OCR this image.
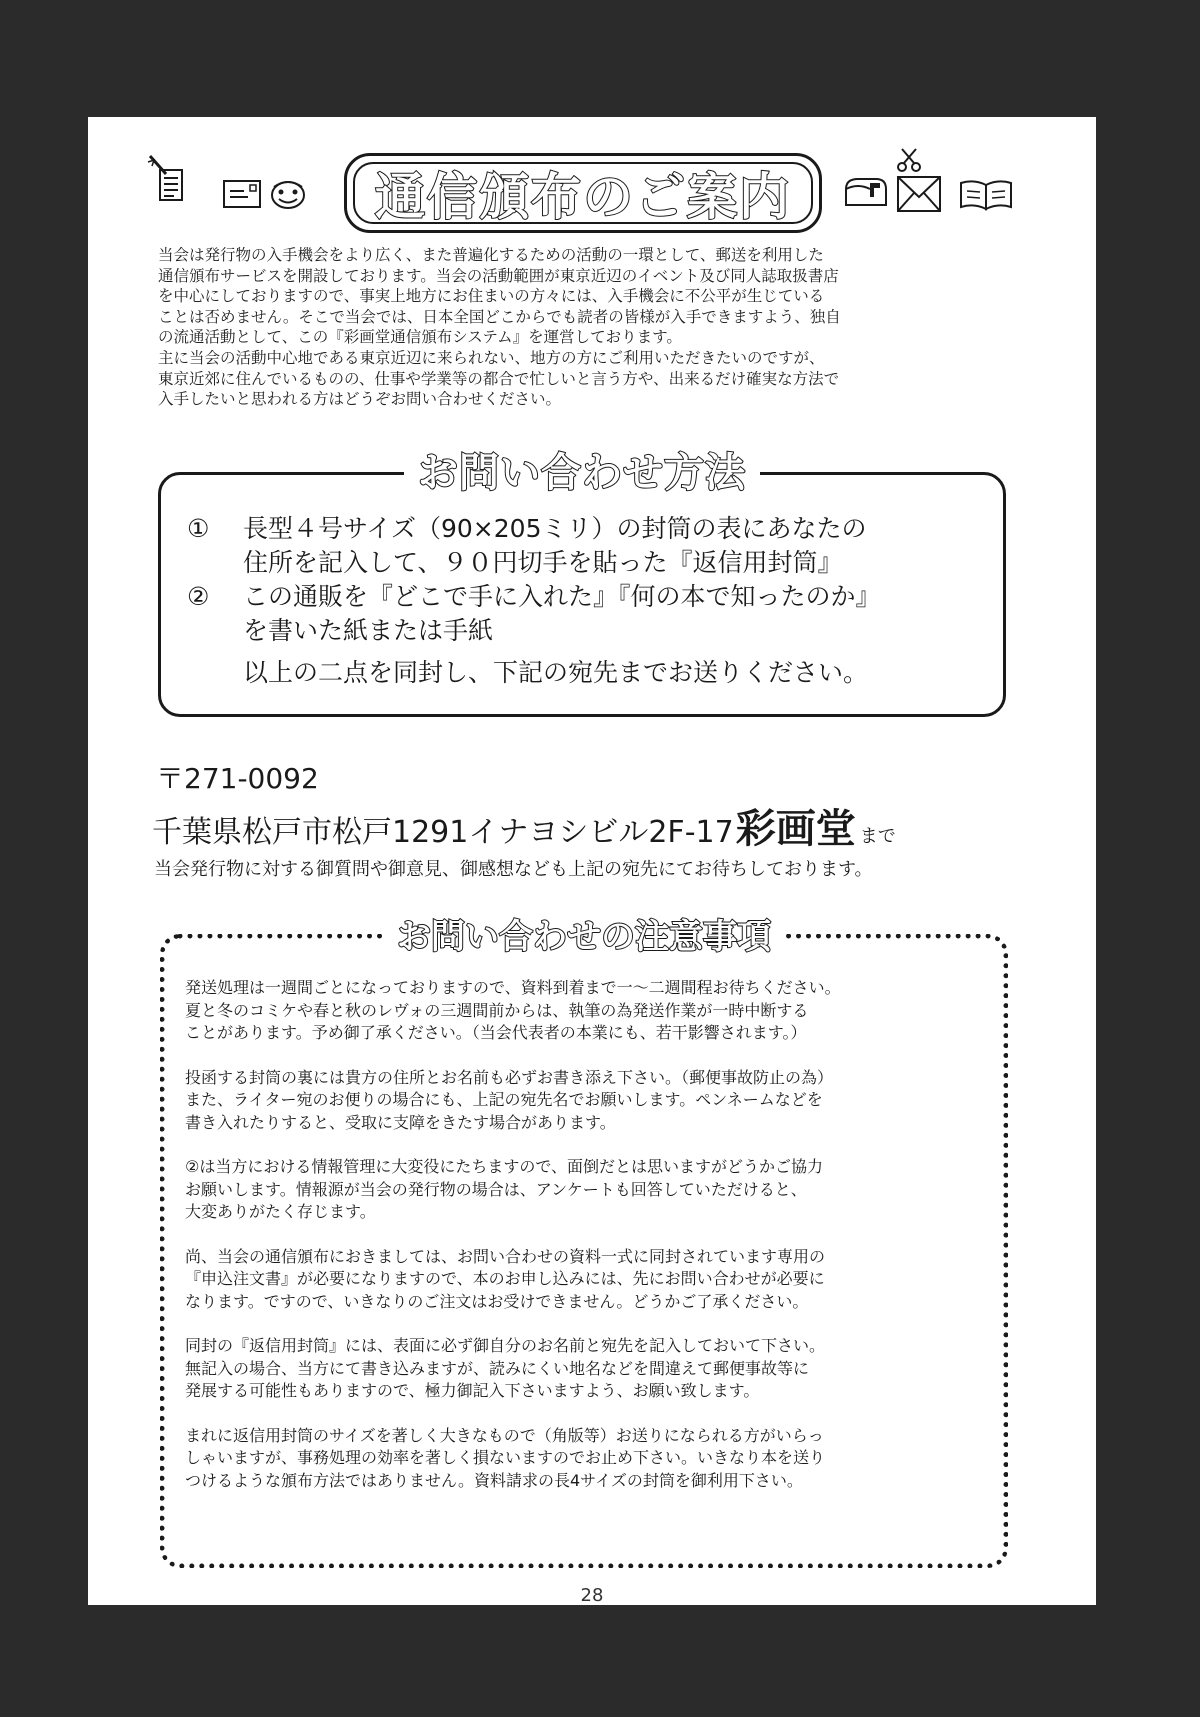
通信頒布のご案内
当会は発行物の入手機会をより広く、また普遍化するための活動の一環として、郵送を利用した
通信頒布サービスを開設しております。当会の活動範囲が東京近辺のイベント及び同人誌取扱書店
を中心にしておりますので、事実上地方にお住まいの方々には、入手機会に不公平が生じている
ことは否めません。そこで当会では、日本全国どこからでも読者の皆様が入手できますよう、独自
の流通活動として、この『彩画堂通信頒布システム』を運営しております。
主に当会の活動中心地である東京近辺に来られない、地方の方にご利用いただきたいのですが、
東京近郊に住んでいるものの、仕事や学業等の都合で忙しいと言う方や、出来るだけ確実な方法で
入手したいと思われる方はどうぞお問い合わせください。
お問い合わせ方法
①	長型４号サイズ（90×205ミリ）の封筒の表にあなたの
住所を記入して、９０円切手を貼った『返信用封筒』
②	この通販を『どこで手に入れた』『何の本で知ったのか』
を書いた紙または手紙
以上の二点を同封し、下記の宛先までお送りください。
〒271-0092
千葉県松戸市松戸1291イナヨシビル2F-17彩画堂 まで
当会発行物に対する御質問や御意見、御感想なども上記の宛先にてお待ちしております。
お問い合わせの注意事項

発送処理は一週間ごとになっておりますので、資料到着まで一～二週間程お待ちください。
夏と冬のコミケや春と秋のレヴォの三週間前からは、執筆の為発送作業が一時中断する
ことがあります。予め御了承ください。（当会代表者の本業にも、若干影響されます。）

投函する封筒の裏には貴方の住所とお名前も必ずお書き添え下さい。（郵便事故防止の為）
また、ライター宛のお便りの場合にも、上記の宛先名でお願いします。ペンネームなどを
書き入れたりすると、受取に支障をきたす場合があります。

②は当方における情報管理に大変役にたちますので、面倒だとは思いますがどうかご協力
お願いします。情報源が当会の発行物の場合は、アンケートも回答していただけると、
大変ありがたく存じます。

尚、当会の通信頒布におきましては、お問い合わせの資料一式に同封されています専用の
『申込注文書』が必要になりますので、本のお申し込みには、先にお問い合わせが必要に
なります。ですので、いきなりのご注文はお受けできません。どうかご了承ください。

同封の『返信用封筒』には、表面に必ず御自分のお名前と宛先を記入しておいて下さい。
無記入の場合、当方にて書き込みますが、読みにくい地名などを間違えて郵便事故等に
発展する可能性もありますので、極力御記入下さいますよう、お願い致します。

まれに返信用封筒のサイズを著しく大きなもので（角版等）お送りになられる方がいらっ
しゃいますが、事務処理の効率を著しく損ないますのでお止め下さい。いきなり本を送り
つけるような頒布方法ではありません。資料請求の長4サイズの封筒を御利用下さい。

28
